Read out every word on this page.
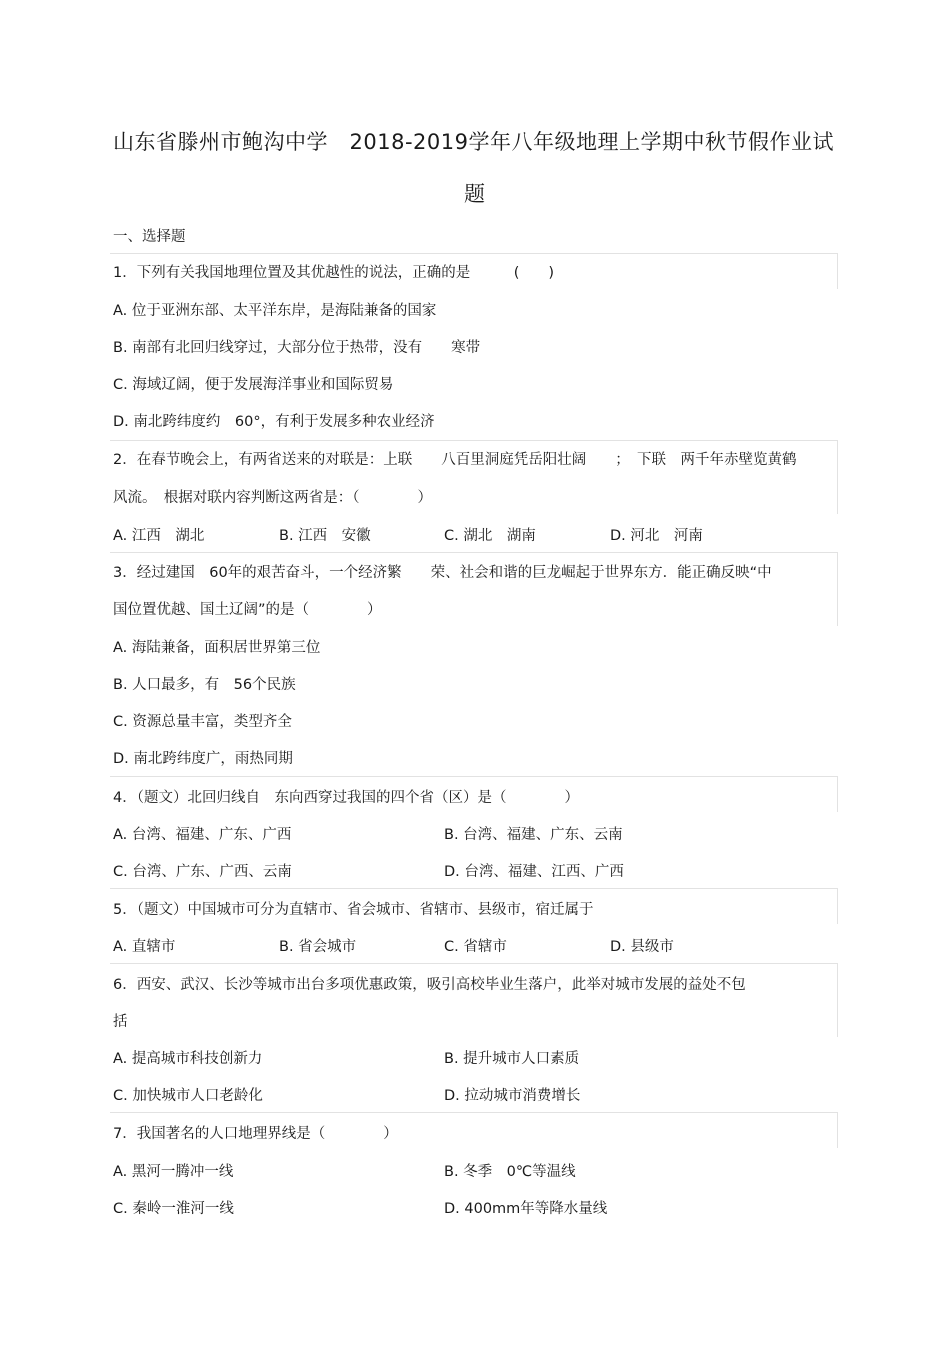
山东省滕州市鲍沟中学　2018-2019学年八年级地理上学期中秋节假作业试
题
一、选择题
1．下列有关我国地理位置及其优越性的说法，正确的是　　　(　　)
A. 位于亚洲东部、太平洋东岸，是海陆兼备的国家
B. 南部有北回归线穿过，大部分位于热带，没有　　寒带
C. 海域辽阔，便于发展海洋事业和国际贸易
D. 南北跨纬度约　60°，有利于发展多种农业经济
2．在春节晚会上，有两省送来的对联是：上联　　八百里洞庭凭岳阳壮阔　　；　下联　两千年赤壁览黄鹤
风流。　根据对联内容判断这两省是：（　　　　）
A. 江西　湖北	B. 江西　安徽	C. 湖北　湖南	D. 河北　河南
3．经过建国　60年的艰苦奋斗，一个经济繁　　荣、社会和谐的巨龙崛起于世界东方．能正确反映“中
国位置优越、国土辽阔”的是（　　　　）
A. 海陆兼备，面积居世界第三位
B. 人口最多，有　56个民族
C. 资源总量丰富，类型齐全
D. 南北跨纬度广，雨热同期
4．（题文）北回归线自　东向西穿过我国的四个省（区）是（　　　　）
A. 台湾、福建、广东、广西	B. 台湾、福建、广东、云南
C. 台湾、广东、广西、云南	D. 台湾、福建、江西、广西
5．（题文）中国城市可分为直辖市、省会城市、省辖市、县级市，宿迁属于
A. 直辖市	B. 省会城市	C. 省辖市	D. 县级市
6．西安、武汉、长沙等城市出台多项优惠政策，吸引高校毕业生落户，此举对城市发展的益处不包
括
A. 提高城市科技创新力	B. 提升城市人口素质
C. 加快城市人口老龄化	D. 拉动城市消费增长
7．我国著名的人口地理界线是（　　　　）
A. 黑河一腾冲一线	B. 冬季　0℃等温线
C. 秦岭一淮河一线	D. 400mm年等降水量线
